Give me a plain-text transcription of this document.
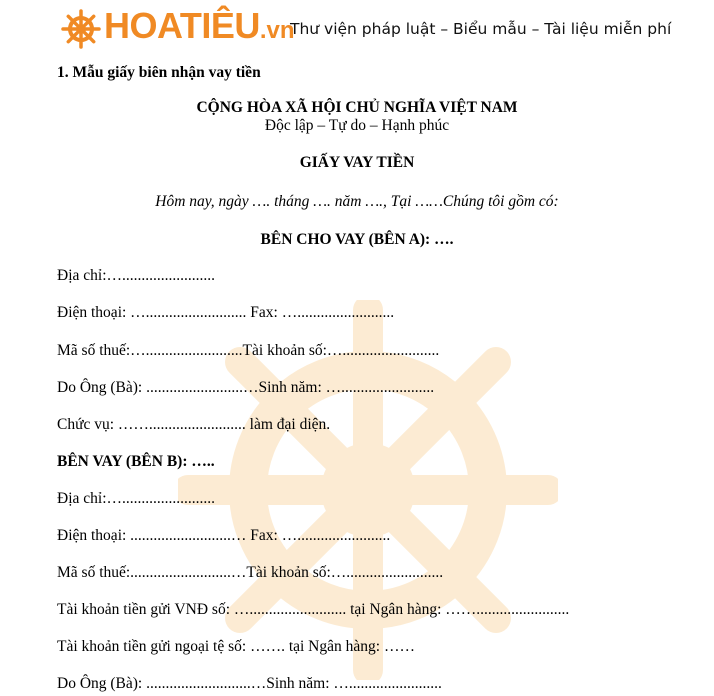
HOATIÊU.vn
Thư viện pháp luật – Biểu mẫu – Tài liệu miễn phí
1. Mẫu giấy biên nhận vay tiền
CỘNG HÒA XÃ HỘI CHỦ NGHĨA VIỆT NAM
Độc lập – Tự do – Hạnh phúc
GIẤY VAY TIỀN
Hôm nay, ngày …. tháng …. năm …., Tại ……Chúng tôi gồm có:
BÊN CHO VAY (BÊN A): ….
Địa chỉ:…........................
Điện thoại: ….......................... Fax: ….........................
Mã số thuế:….........................Tài khoản số:….........................
Do Ông (Bà): .........................…Sinh năm: …........................
Chức vụ: ……......................... làm đại diện.
BÊN VAY (BÊN B): …..
Địa chỉ:…........................
Điện thoại: ..........................… Fax: …........................
Mã số thuế:..........................…Tài khoản số:….........................
Tài khoản tiền gửi VNĐ số: …......................... tại Ngân hàng: ……........................
Tài khoản tiền gửi ngoại tệ số: ……. tại Ngân hàng: ……
Do Ông (Bà): ...........................…Sinh năm: …........................
